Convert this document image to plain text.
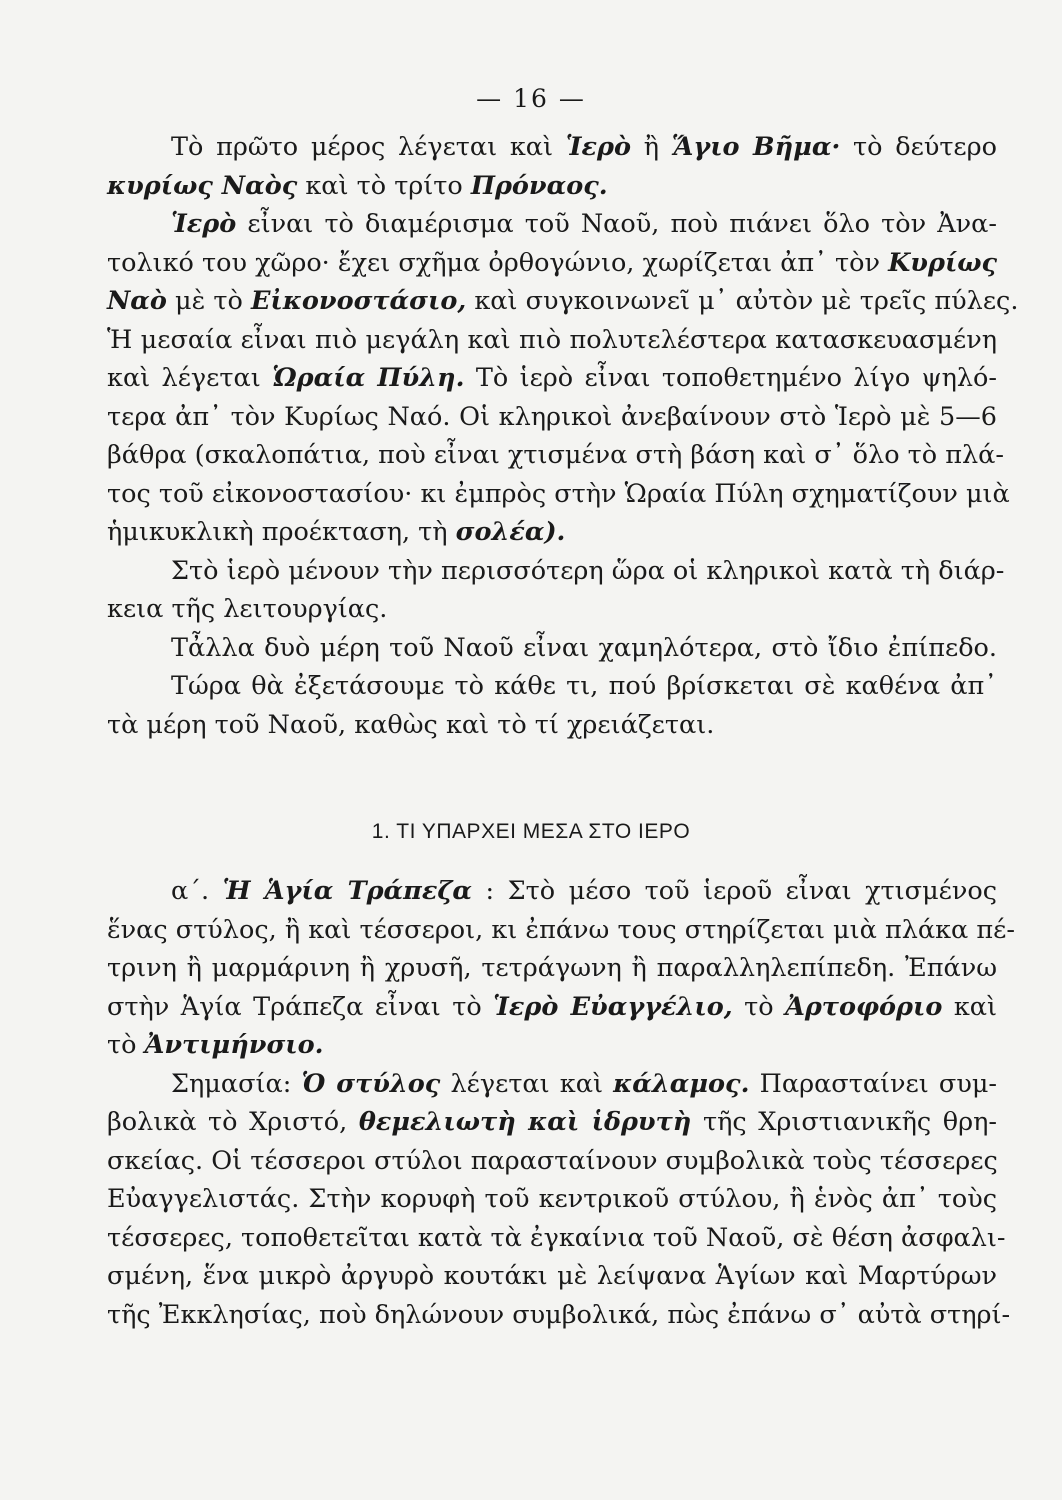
— 16 —
Τὸ πρῶτο μέρος λέγεται καὶ Ἱερὸ ἢ Ἅγιο Βῆμα· τὸ δεύτερο
κυρίως Ναὸς καὶ τὸ τρίτο Πρόναος.
Ἱερὸ εἶναι τὸ διαμέρισμα τοῦ Ναοῦ, ποὺ πιάνει ὅλο τὸν Ἀνα-
τολικό του χῶρο· ἔχει σχῆμα ὀρθογώνιο, χωρίζεται ἀπ᾽ τὸν Κυρίως
Ναὸ μὲ τὸ Εἰκονοστάσιο, καὶ συγκοινωνεῖ μ᾽ αὐτὸν μὲ τρεῖς πύλες.
Ἡ μεσαία εἶναι πιὸ μεγάλη καὶ πιὸ πολυτελέστερα κατασκευασμένη
καὶ λέγεται Ὡραία Πύλη. Τὸ ἱερὸ εἶναι τοποθετημένο λίγο ψηλό-
τερα ἀπ᾽ τὸν Κυρίως Ναό. Οἱ κληρικοὶ ἀνεβαίνουν στὸ Ἱερὸ μὲ 5—6
βάθρα (σκαλοπάτια, ποὺ εἶναι χτισμένα στὴ βάση καὶ σ᾽ ὅλο τὸ πλά-
τος τοῦ εἰκονοστασίου· κι ἐμπρὸς στὴν Ὡραία Πύλη σχηματίζουν μιὰ
ἡμικυκλικὴ προέκταση, τὴ σολέα).
Στὸ ἱερὸ μένουν τὴν περισσότερη ὥρα οἱ κληρικοὶ κατὰ τὴ διάρ-
κεια τῆς λειτουργίας.
Τἆλλα δυὸ μέρη τοῦ Ναοῦ εἶναι χαμηλότερα, στὸ ἴδιο ἐπίπεδο.
Τώρα θὰ ἐξετάσουμε τὸ κάθε τι, πού βρίσκεται σὲ καθένα ἀπ᾽
τὰ μέρη τοῦ Ναοῦ, καθὼς καὶ τὸ τί χρειάζεται.
1. ΤΙ ΥΠΑΡΧΕΙ ΜΕΣΑ ΣΤΟ ΙΕΡΟ
α΄. Ἡ Ἁγία Τράπεζα : Στὸ μέσο τοῦ ἱεροῦ εἶναι χτισμένος
ἕνας στύλος, ἢ καὶ τέσσεροι, κι ἐπάνω τους στηρίζεται μιὰ πλάκα πέ-
τρινη ἢ μαρμάρινη ἢ χρυσῆ, τετράγωνη ἢ παραλληλεπίπεδη. Ἐπάνω
στὴν Ἁγία Τράπεζα εἶναι τὸ Ἱερὸ Εὐαγγέλιο, τὸ Ἀρτοφόριο καὶ
τὸ Ἀντιμήνσιο.
Σημασία: Ὁ στύλος λέγεται καὶ κάλαμος. Παρασταίνει συμ-
βολικὰ τὸ Χριστό, θεμελιωτὴ καὶ ἱδρυτὴ τῆς Χριστιανικῆς θρη-
σκείας. Οἱ τέσσεροι στύλοι παρασταίνουν συμβολικὰ τοὺς τέσσερες
Εὐαγγελιστάς. Στὴν κορυφὴ τοῦ κεντρικοῦ στύλου, ἢ ἑνὸς ἀπ᾽ τοὺς
τέσσερες, τοποθετεῖται κατὰ τὰ ἐγκαίνια τοῦ Ναοῦ, σὲ θέση ἀσφαλι-
σμένη, ἕνα μικρὸ ἀργυρὸ κουτάκι μὲ λείψανα Ἁγίων καὶ Μαρτύρων
τῆς Ἐκκλησίας, ποὺ δηλώνουν συμβολικά, πὼς ἐπάνω σ᾽ αὐτὰ στηρί-
